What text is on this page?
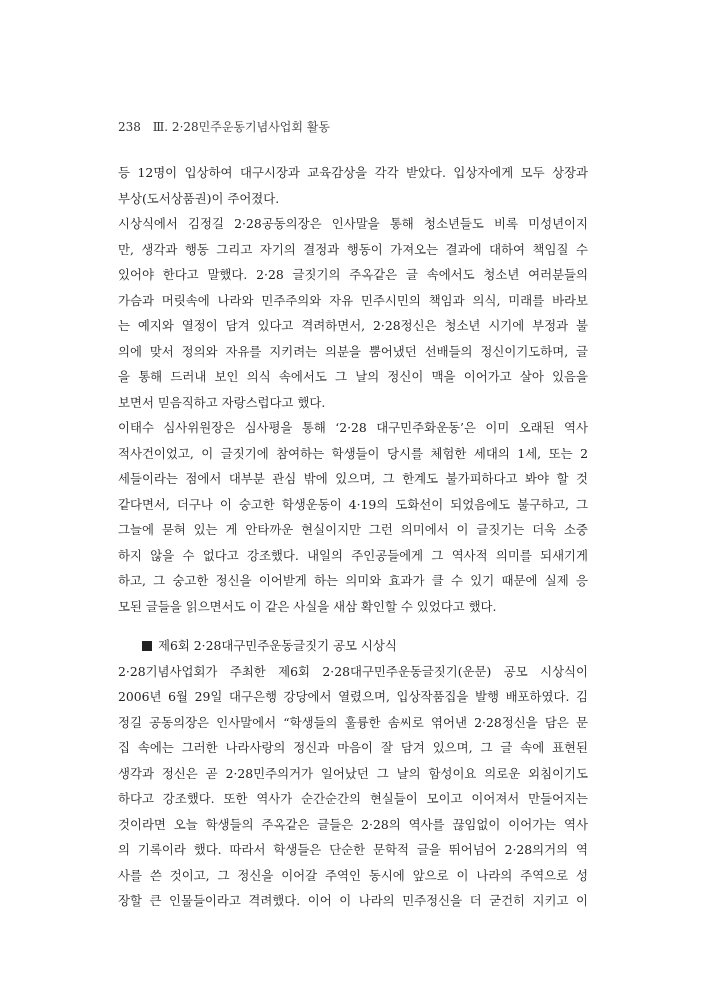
238 Ⅲ. 2·28민주운동기념사업회 활동
등 12명이 입상하여 대구시장과 교육감상을 각각 받았다. 입상자에게 모두 상장과
부상(도서상품권)이 주어졌다.
시상식에서 김정길 2·28공동의장은 인사말을 통해 청소년들도 비록 미성년이지
만, 생각과 행동 그리고 자기의 결정과 행동이 가져오는 결과에 대하여 책임질 수
있어야 한다고 말했다. 2·28 글짓기의 주옥같은 글 속에서도 청소년 여러분들의
가슴과 머릿속에 나라와 민주주의와 자유 민주시민의 책임과 의식, 미래를 바라보
는 예지와 열정이 담겨 있다고 격려하면서, 2·28정신은 청소년 시기에 부정과 불
의에 맞서 정의와 자유를 지키려는 의분을 뿜어냈던 선배들의 정신이기도하며, 글
을 통해 드러내 보인 의식 속에서도 그 날의 정신이 맥을 이어가고 살아 있음을
보면서 믿음직하고 자랑스럽다고 했다.
이태수 심사위원장은 심사평을 통해 ‘2·28 대구민주화운동’은 이미 오래된 역사
적사건이었고, 이 글짓기에 참여하는 학생들이 당시를 체험한 세대의 1세, 또는 2
세들이라는 점에서 대부분 관심 밖에 있으며, 그 한계도 불가피하다고 봐야 할 것
같다면서, 더구나 이 숭고한 학생운동이 4·19의 도화선이 되었음에도 불구하고, 그
그늘에 묻혀 있는 게 안타까운 현실이지만 그런 의미에서 이 글짓기는 더욱 소중
하지 않을 수 없다고 강조했다. 내일의 주인공들에게 그 역사적 의미를 되새기게
하고, 그 숭고한 정신을 이어받게 하는 의미와 효과가 클 수 있기 때문에 실제 응
모된 글들을 읽으면서도 이 같은 사실을 새삼 확인할 수 있었다고 했다.
제6회 2·28대구민주운동글짓기 공모 시상식
2·28기념사업회가 주최한 제6회 2·28대구민주운동글짓기(운문) 공모 시상식이
2006년 6월 29일 대구은행 강당에서 열렸으며, 입상작품집을 발행 배포하였다. 김
정길 공동의장은 인사말에서 “학생들의 훌륭한 솜씨로 엮어낸 2·28정신을 담은 문
집 속에는 그러한 나라사랑의 정신과 마음이 잘 담겨 있으며, 그 글 속에 표현된
생각과 정신은 곧 2·28민주의거가 일어났던 그 날의 함성이요 의로운 외침이기도
하다고 강조했다. 또한 역사가 순간순간의 현실들이 모이고 이어져서 만들어지는
것이라면 오늘 학생들의 주옥같은 글들은 2·28의 역사를 끊임없이 이어가는 역사
의 기록이라 했다. 따라서 학생들은 단순한 문학적 글을 뛰어넘어 2·28의거의 역
사를 쓴 것이고, 그 정신을 이어갈 주역인 동시에 앞으로 이 나라의 주역으로 성
장할 큰 인물들이라고 격려했다. 이어 이 나라의 민주정신을 더 굳건히 지키고 이
